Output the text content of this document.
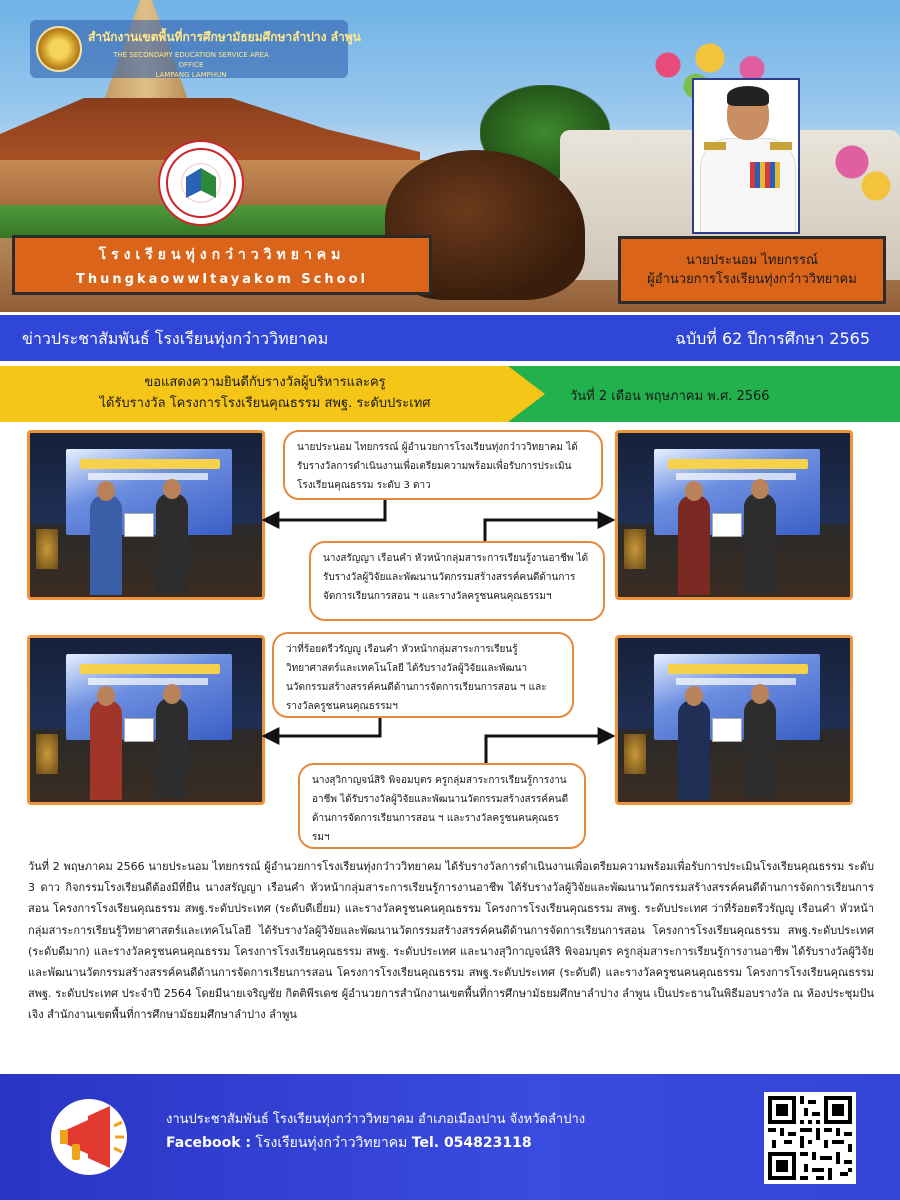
สำนักงานเขตพื้นที่การศึกษามัธยมศึกษาลำปาง ลำพูน
THE SECONDARY EDUCATION SERVICE AREA OFFICE
LAMPANG LAMPHUN
โรงเรียนทุ่งกว๋าววิทยาคม
ThungkaowwItayakom School
นายประนอม ไทยกรรณ์
ผู้อำนวยการโรงเรียนทุ่งกว๋าววิทยาคม
ข่าวประชาสัมพันธ์ โรงเรียนทุ่งกว๋าววิทยาคม	ฉบับที่ 62 ปีการศึกษา 2565
ขอแสดงความยินดีกับรางวัลผู้บริหารและครู
ได้รับรางวัล โครงการโรงเรียนคุณธรรม สพฐ. ระดับประเทศ	วันที่ 2 เดือน พฤษภาคม พ.ศ. 2566
นายประนอม ไทยกรรณ์ ผู้อำนวยการโรงเรียนทุ่งกว๋าววิทยาคม ได้รับรางวัลการดำเนินงานเพื่อเตรียมความพร้อมเพื่อรับการประเมินโรงเรียนคุณธรรม ระดับ 3 ดาว
นางสรัญญา เรือนคำ หัวหน้ากลุ่มสาระการเรียนรู้งานอาชีพ ได้รับรางวัลผู้วิจัยและพัฒนานวัตกรรมสร้างสรรค์คนดีด้านการจัดการเรียนการสอน ฯ และรางวัลครูชนคนคุณธรรมฯ
ว่าที่ร้อยตรีวรัญญู เรือนคำ หัวหน้ากลุ่มสาระการเรียนรู้วิทยาศาสตร์และเทคโนโลยี ได้รับรางวัลผู้วิจัยและพัฒนานวัตกรรมสร้างสรรค์คนดีด้านการจัดการเรียนการสอน ฯ และรางวัลครูชนคนคุณธรรมฯ
นางสุวิกาญจน์สิริ พิจอมบุตร ครูกลุ่มสาระการเรียนรู้การงานอาชีพ ได้รับรางวัลผู้วิจัยและพัฒนานวัตกรรมสร้างสรรค์คนดีด้านการจัดการเรียนการสอน ฯ และรางวัลครูชนคนคุณธรรมฯ
วันที่ 2 พฤษภาคม 2566 นายประนอม ไทยกรรณ์ ผู้อำนวยการโรงเรียนทุ่งกว๋าววิทยาคม ได้รับรางวัลการดำเนินงานเพื่อเตรียมความพร้อมเพื่อรับการประเมินโรงเรียนคุณธรรม ระดับ 3 ดาว กิจกรรมโรงเรียนดีต้องมีที่ยืน นางสรัญญา เรือนคำ หัวหน้ากลุ่มสาระการเรียนรู้การงานอาชีพ ได้รับรางวัลผู้วิจัยและพัฒนานวัตกรรมสร้างสรรค์คนดีด้านการจัดการเรียนการสอน โครงการโรงเรียนคุณธรรม สพฐ.ระดับประเทศ (ระดับดีเยี่ยม) และรางวัลครูชนคนคุณธรรม โครงการโรงเรียนคุณธรรม สพฐ. ระดับประเทศ ว่าที่ร้อยตรีวรัญญู เรือนคำ หัวหน้ากลุ่มสาระการเรียนรู้วิทยาศาสตร์และเทคโนโลยี ได้รับรางวัลผู้วิจัยและพัฒนานวัตกรรมสร้างสรรค์คนดีด้านการจัดการเรียนการสอน โครงการโรงเรียนคุณธรรม สพฐ.ระดับประเทศ (ระดับดีมาก) และรางวัลครูชนคนคุณธรรม โครงการโรงเรียนคุณธรรม สพฐ. ระดับประเทศ และนางสุวิกาญจน์สิริ พิจอมบุตร ครูกลุ่มสาระการเรียนรู้การงานอาชีพ ได้รับรางวัลผู้วิจัยและพัฒนานวัตกรรมสร้างสรรค์คนดีด้านการจัดการเรียนการสอน โครงการโรงเรียนคุณธรรม สพฐ.ระดับประเทศ (ระดับดี) และรางวัลครูชนคนคุณธรรม โครงการโรงเรียนคุณธรรม สพฐ. ระดับประเทศ ประจำปี 2564 โดยมีนายเจริญชัย กิตติพีรเดช ผู้อำนวยการสำนักงานเขตพื้นที่การศึกษามัธยมศึกษาลำปาง ลำพูน เป็นประธานในพิธีมอบรางวัล ณ ห้องประชุมปันเจิง สำนักงานเขตพื้นที่การศึกษามัธยมศึกษาลำปาง ลำพูน
งานประชาสัมพันธ์ โรงเรียนทุ่งกว๋าววิทยาคม อำเภอเมืองปาน จังหวัดลำปาง
Facebook : โรงเรียนทุ่งกว๋าววิทยาคม Tel. 054823118
